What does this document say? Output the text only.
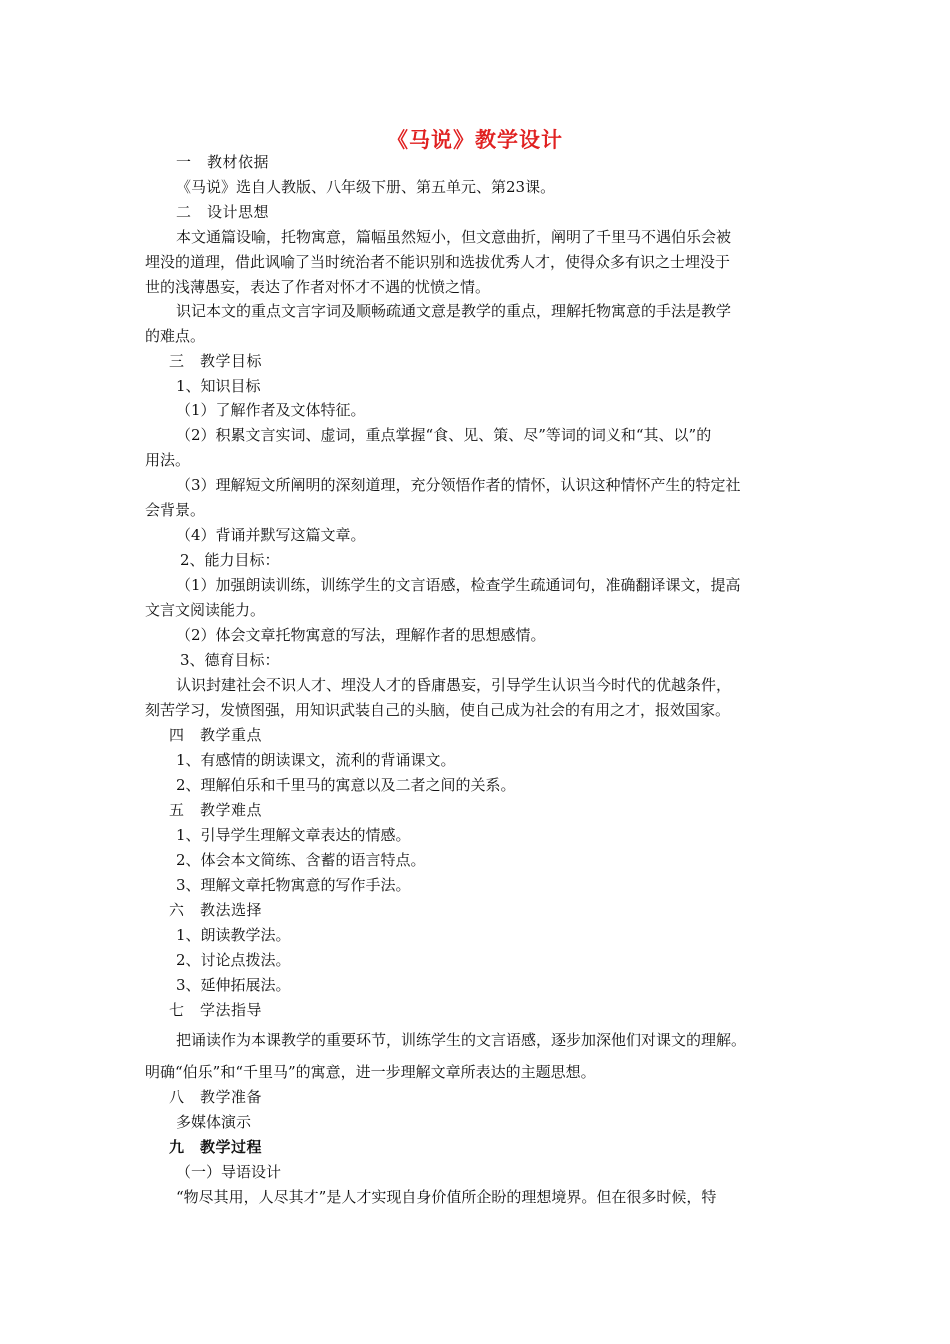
《马说》教学设计
一　教材依据
《马说》选自人教版、八年级下册、第五单元、第23课。
二　设计思想
本文通篇设喻，托物寓意，篇幅虽然短小，但文意曲折，阐明了千里马不遇伯乐会被
埋没的道理，借此讽喻了当时统治者不能识别和选拔优秀人才，使得众多有识之士埋没于
世的浅薄愚妄，表达了作者对怀才不遇的忧愤之情。
识记本文的重点文言字词及顺畅疏通文意是教学的重点，理解托物寓意的手法是教学
的难点。
三　教学目标
1、知识目标
（1）了解作者及文体特征。
（2）积累文言实词、虚词，重点掌握“食、见、策、尽”等词的词义和“其、以”的
用法。
（3）理解短文所阐明的深刻道理，充分领悟作者的情怀，认识这种情怀产生的特定社
会背景。
（4）背诵并默写这篇文章。
2、能力目标：
（1）加强朗读训练，训练学生的文言语感，检查学生疏通词句，准确翻译课文，提高
文言文阅读能力。
（2）体会文章托物寓意的写法，理解作者的思想感情。
3、德育目标：
认识封建社会不识人才、埋没人才的昏庸愚妄，引导学生认识当今时代的优越条件，
刻苦学习，发愤图强，用知识武装自己的头脑，使自己成为社会的有用之才，报效国家。
四　教学重点
1、有感情的朗读课文，流利的背诵课文。
2、理解伯乐和千里马的寓意以及二者之间的关系。
五　教学难点
1、引导学生理解文章表达的情感。
2、体会本文简练、含蓄的语言特点。
3、理解文章托物寓意的写作手法。
六　教法选择
1、朗读教学法。
2、讨论点拨法。
3、延伸拓展法。
七　学法指导
把诵读作为本课教学的重要环节，训练学生的文言语感，逐步加深他们对课文的理解。
明确“伯乐”和“千里马”的寓意，进一步理解文章所表达的主题思想。
八　教学准备
多媒体演示
九　教学过程
（一）导语设计
“物尽其用，人尽其才”是人才实现自身价值所企盼的理想境界。但在很多时候，特
